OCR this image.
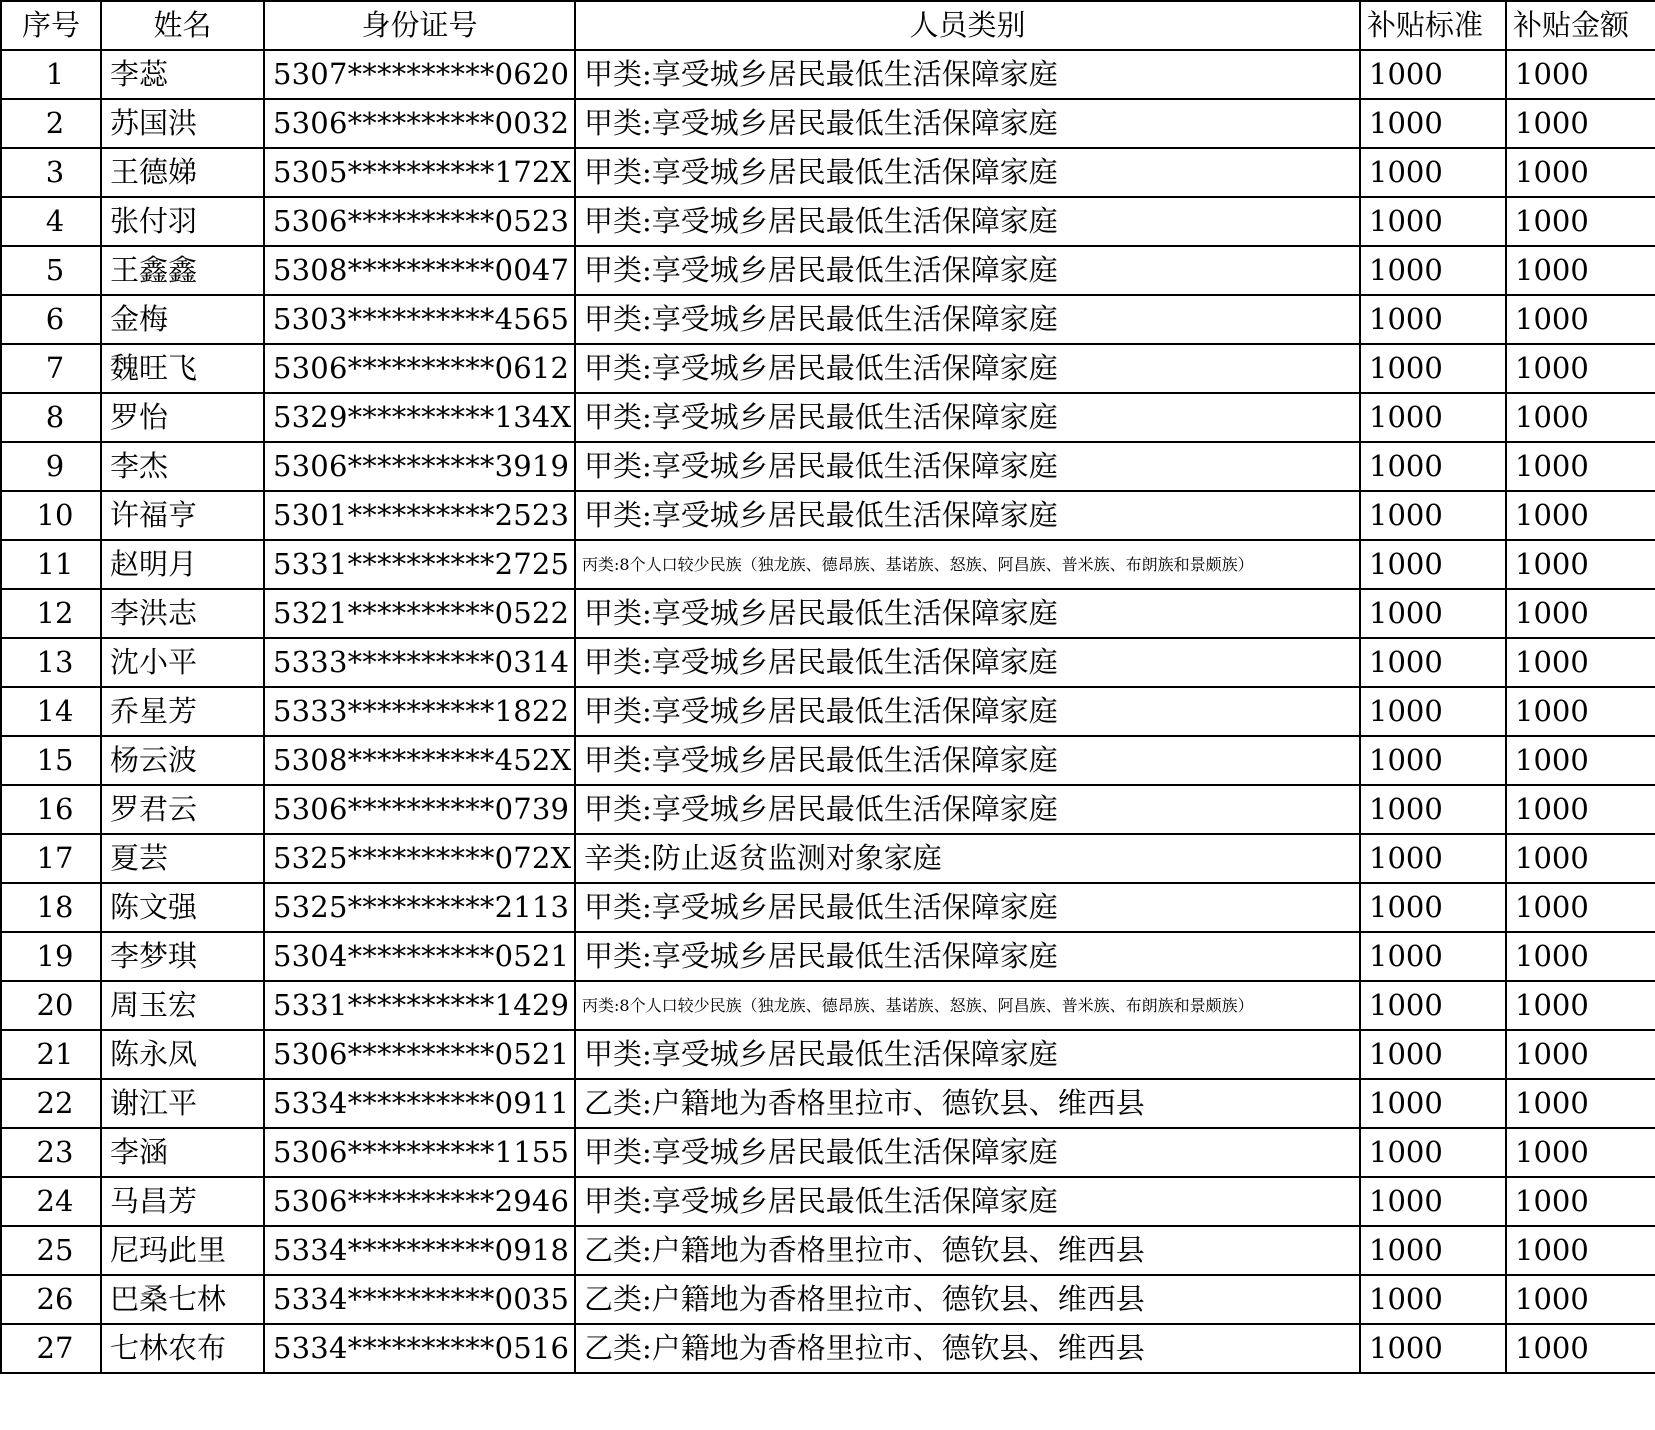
序号	姓名	身份证号	人员类别	补贴标准	补贴金额
1	李蕊	5307**********0620	甲类:享受城乡居民最低生活保障家庭	1000	1000
2	苏国洪	5306**********0032	甲类:享受城乡居民最低生活保障家庭	1000	1000
3	王德娣	5305**********172X	甲类:享受城乡居民最低生活保障家庭	1000	1000
4	张付羽	5306**********0523	甲类:享受城乡居民最低生活保障家庭	1000	1000
5	王鑫鑫	5308**********0047	甲类:享受城乡居民最低生活保障家庭	1000	1000
6	金梅	5303**********4565	甲类:享受城乡居民最低生活保障家庭	1000	1000
7	魏旺飞	5306**********0612	甲类:享受城乡居民最低生活保障家庭	1000	1000
8	罗怡	5329**********134X	甲类:享受城乡居民最低生活保障家庭	1000	1000
9	李杰	5306**********3919	甲类:享受城乡居民最低生活保障家庭	1000	1000
10	许福亨	5301**********2523	甲类:享受城乡居民最低生活保障家庭	1000	1000
11	赵明月	5331**********2725	丙类:8个人口较少民族（独龙族、德昂族、基诺族、怒族、阿昌族、普米族、布朗族和景颇族）	1000	1000
12	李洪志	5321**********0522	甲类:享受城乡居民最低生活保障家庭	1000	1000
13	沈小平	5333**********0314	甲类:享受城乡居民最低生活保障家庭	1000	1000
14	乔星芳	5333**********1822	甲类:享受城乡居民最低生活保障家庭	1000	1000
15	杨云波	5308**********452X	甲类:享受城乡居民最低生活保障家庭	1000	1000
16	罗君云	5306**********0739	甲类:享受城乡居民最低生活保障家庭	1000	1000
17	夏芸	5325**********072X	辛类:防止返贫监测对象家庭	1000	1000
18	陈文强	5325**********2113	甲类:享受城乡居民最低生活保障家庭	1000	1000
19	李梦琪	5304**********0521	甲类:享受城乡居民最低生活保障家庭	1000	1000
20	周玉宏	5331**********1429	丙类:8个人口较少民族（独龙族、德昂族、基诺族、怒族、阿昌族、普米族、布朗族和景颇族）	1000	1000
21	陈永凤	5306**********0521	甲类:享受城乡居民最低生活保障家庭	1000	1000
22	谢江平	5334**********0911	乙类:户籍地为香格里拉市、德钦县、维西县	1000	1000
23	李涵	5306**********1155	甲类:享受城乡居民最低生活保障家庭	1000	1000
24	马昌芳	5306**********2946	甲类:享受城乡居民最低生活保障家庭	1000	1000
25	尼玛此里	5334**********0918	乙类:户籍地为香格里拉市、德钦县、维西县	1000	1000
26	巴桑七林	5334**********0035	乙类:户籍地为香格里拉市、德钦县、维西县	1000	1000
27	七林农布	5334**********0516	乙类:户籍地为香格里拉市、德钦县、维西县	1000	1000
